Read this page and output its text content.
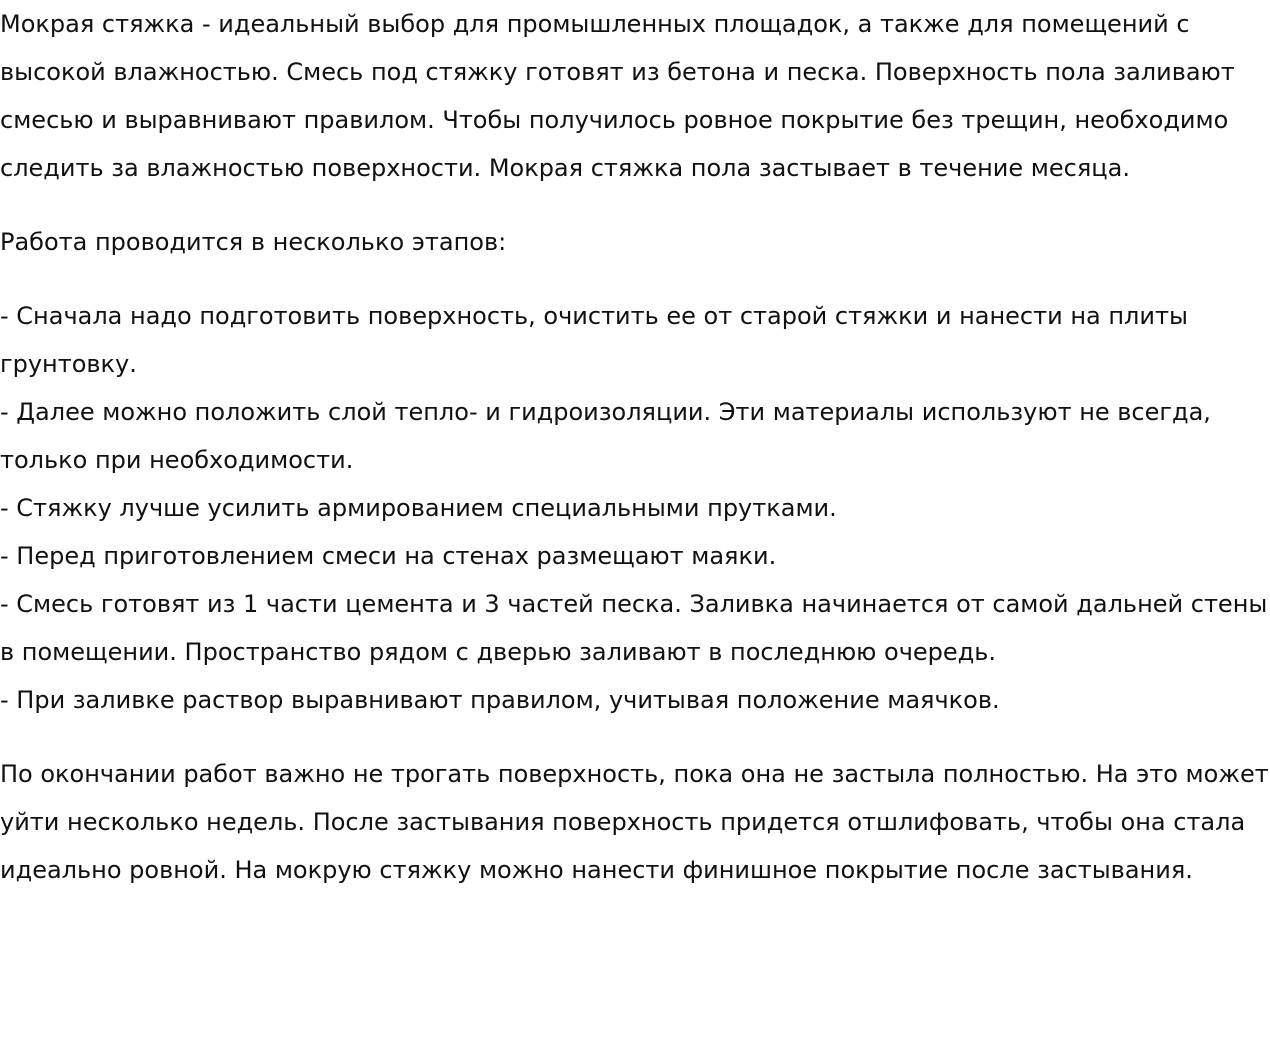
Мокрая стяжка - идеальный выбор для промышленных площадок, а также для помещений с высокой влажностью. Смесь под стяжку готовят из бетона и песка. Поверхность пола заливают смесью и выравнивают правилом. Чтобы получилось ровное покрытие без трещин, необходимо следить за влажностью поверхности. Мокрая стяжка пола застывает в течение месяца.

Работа проводится в несколько этапов:

- Сначала надо подготовить поверхность, очистить ее от старой стяжки и нанести на плиты грунтовку.

- Далее можно положить слой тепло- и гидроизоляции. Эти материалы используют не всегда, только при необходимости.

- Стяжку лучше усилить армированием специальными прутками.

- Перед приготовлением смеси на стенах размещают маяки.

- Смесь готовят из 1 части цемента и 3 частей песка. Заливка начинается от самой дальней стены в помещении. Пространство рядом с дверью заливают в последнюю очередь.

- При заливке раствор выравнивают правилом, учитывая положение маячков.

По окончании работ важно не трогать поверхность, пока она не застыла полностью. На это может уйти несколько недель. После застывания поверхность придется отшлифовать, чтобы она стала идеально ровной. На мокрую стяжку можно нанести финишное покрытие после застывания.
